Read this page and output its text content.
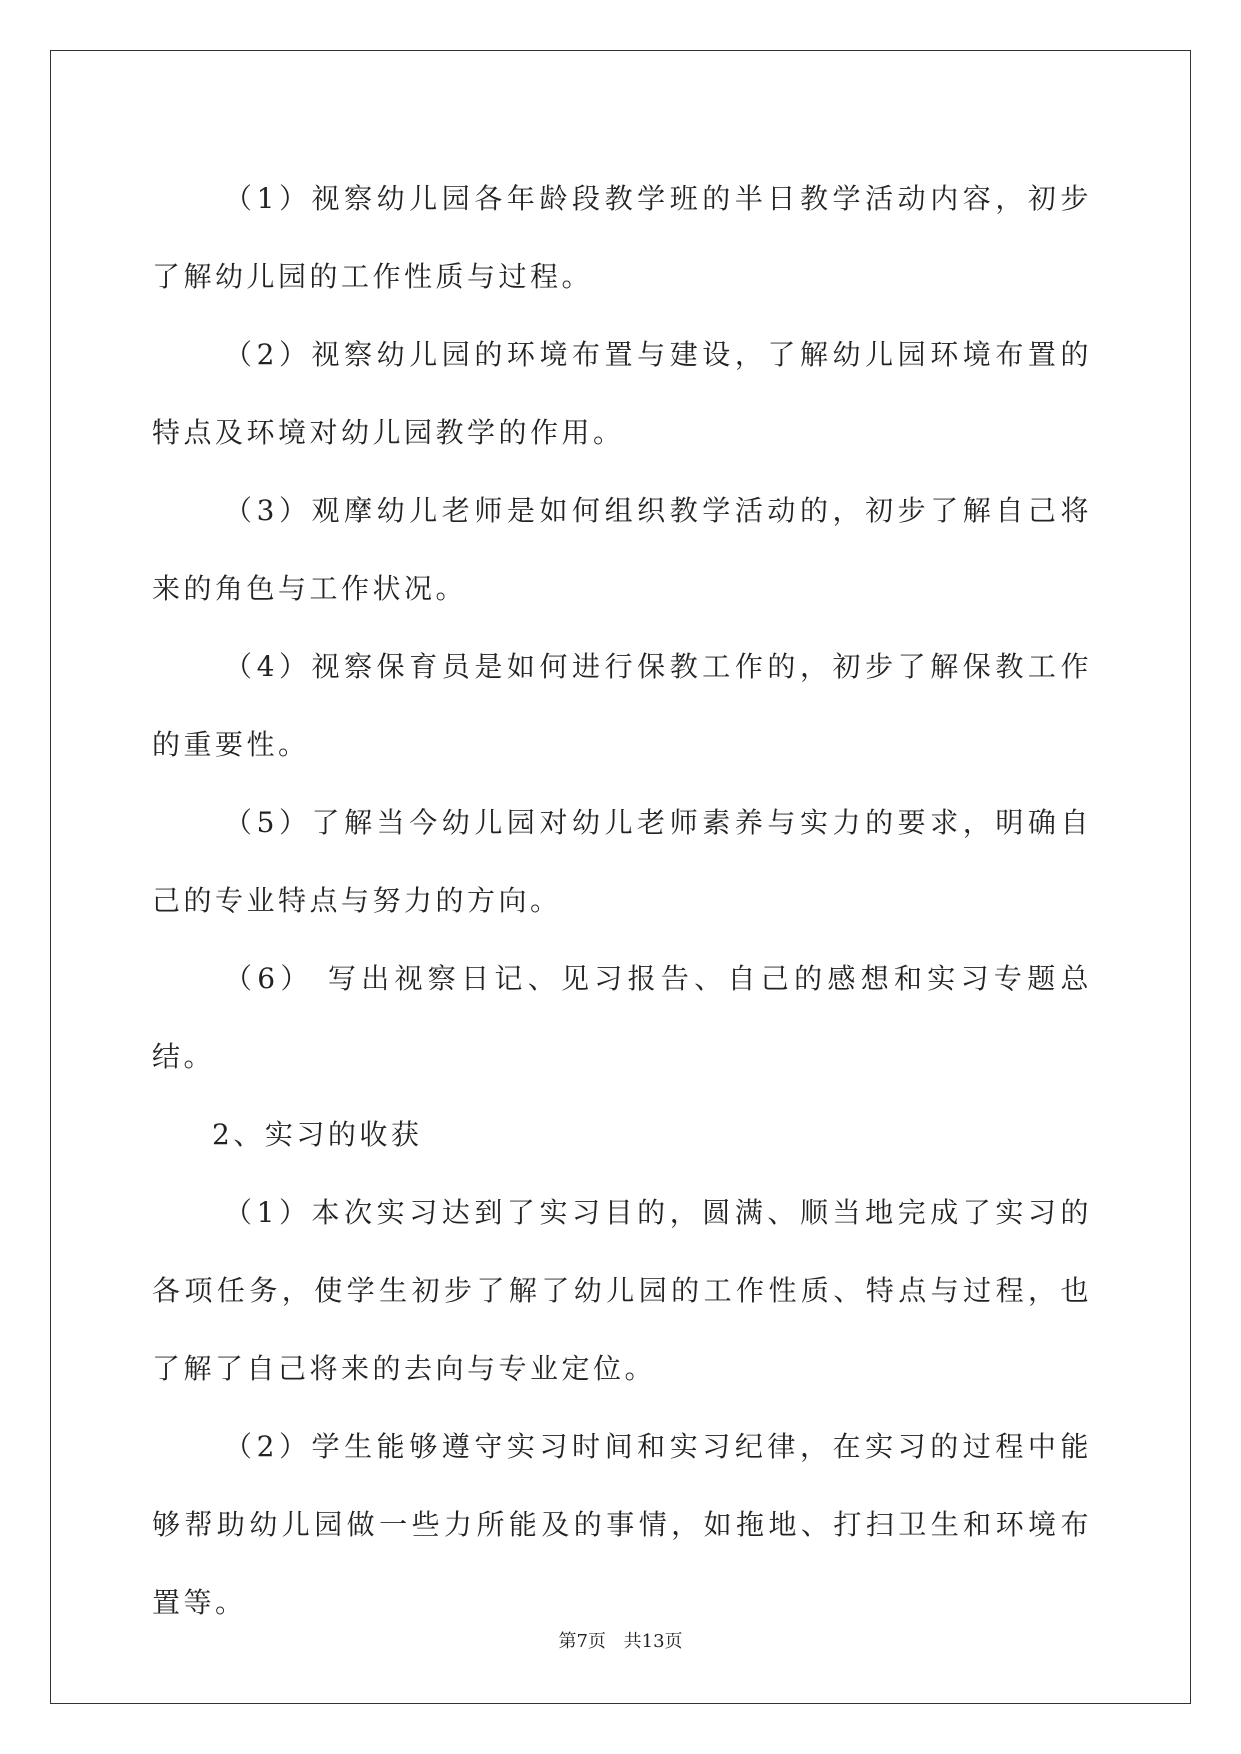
（1）视察幼儿园各年龄段教学班的半日教学活动内容，初步了解幼儿园的工作性质与过程。

（2）视察幼儿园的环境布置与建设，了解幼儿园环境布置的特点及环境对幼儿园教学的作用。

（3）观摩幼儿老师是如何组织教学活动的，初步了解自己将来的角色与工作状况。

（4）视察保育员是如何进行保教工作的，初步了解保教工作的重要性。

（5）了解当今幼儿园对幼儿老师素养与实力的要求，明确自己的专业特点与努力的方向。

（6） 写出视察日记、见习报告、自己的感想和实习专题总结。

2、实习的收获

（1）本次实习达到了实习目的，圆满、顺当地完成了实习的各项任务，使学生初步了解了幼儿园的工作性质、特点与过程，也了解了自己将来的去向与专业定位。

（2）学生能够遵守实习时间和实习纪律，在实习的过程中能够帮助幼儿园做一些力所能及的事情，如拖地、打扫卫生和环境布置等。

第7页 共13页
